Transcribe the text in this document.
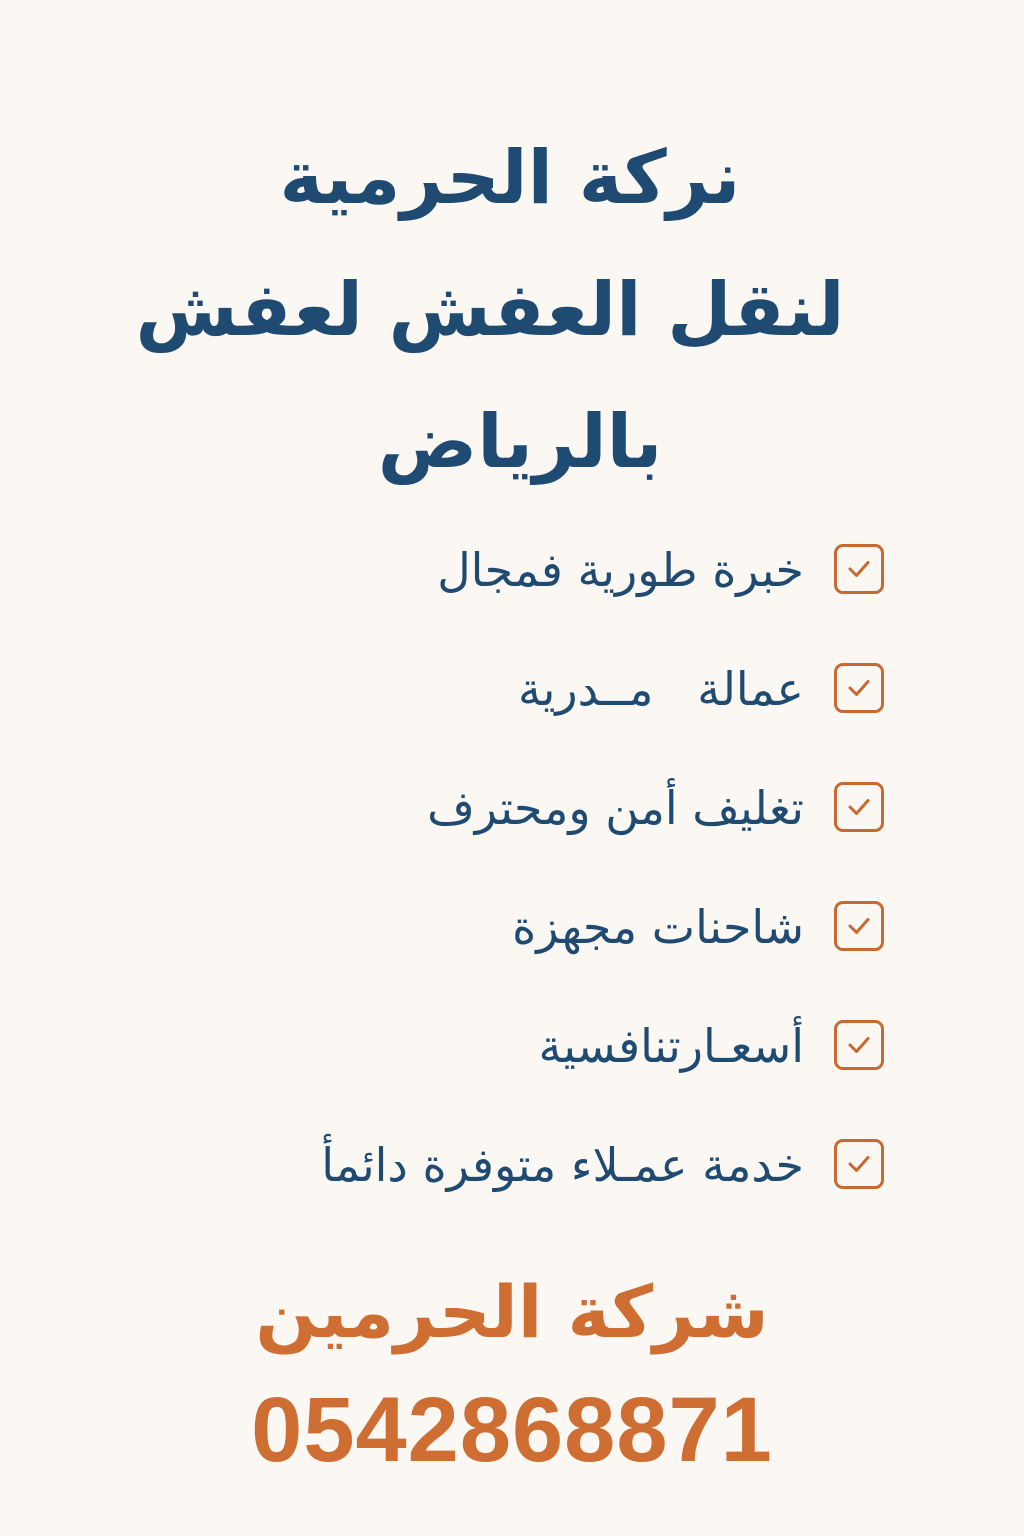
نركة الحرمية
لنقل العفش لعفش
بالرياض
خبرة طورية فمجال
عمالة   مــدرية
تغليف أمن ومحترف
شاحنات مجهزة
أسعـارتنافسية
خدمة عمـلاء متوفرة دائمأ
شركة الحرمين
0542868871
